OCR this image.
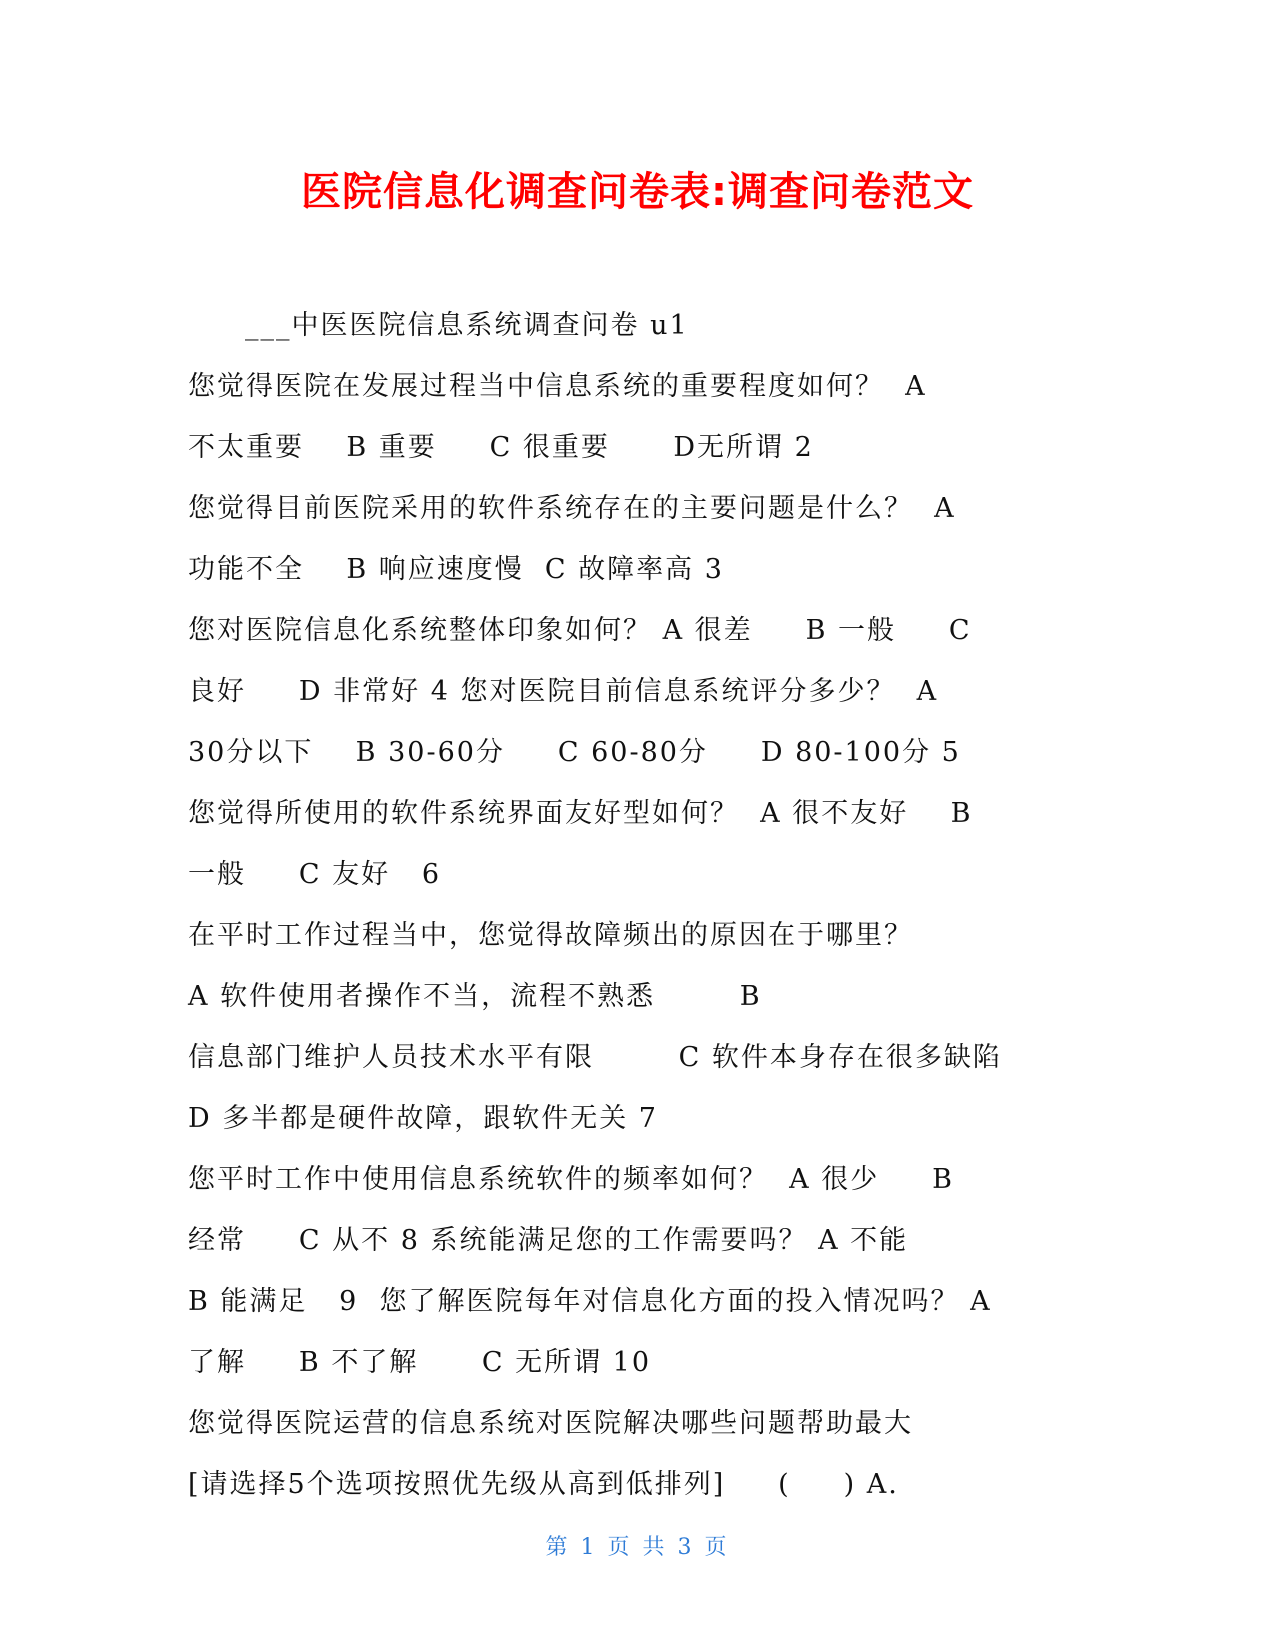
医院信息化调查问卷表:调查问卷范文
___中医医院信息系统调查问卷 u1
您觉得医院在发展过程当中信息系统的重要程度如何？  A
不太重要    B 重要     C 很重要      D无所谓 2
您觉得目前医院采用的软件系统存在的主要问题是什么？  A
功能不全    B 响应速度慢  C 故障率高 3
您对医院信息化系统整体印象如何？ A 很差     B 一般     C
良好     D 非常好 4 您对医院目前信息系统评分多少？  A
30分以下    B 30-60分     C 60-80分     D 80-100分 5
您觉得所使用的软件系统界面友好型如何？  A 很不友好    B
一般     C 友好   6
在平时工作过程当中，您觉得故障频出的原因在于哪里？
A 软件使用者操作不当，流程不熟悉        B
信息部门维护人员技术水平有限        C 软件本身存在很多缺陷
D 多半都是硬件故障，跟软件无关 7
您平时工作中使用信息系统软件的频率如何？  A 很少     B
经常     C 从不 8 系统能满足您的工作需要吗？ A 不能
B 能满足   9  您了解医院每年对信息化方面的投入情况吗？ A
了解     B 不了解      C 无所谓 10
您觉得医院运营的信息系统对医院解决哪些问题帮助最大
[请选择5个选项按照优先级从高到低排列]     (     ) A.
第 1 页 共 3 页
